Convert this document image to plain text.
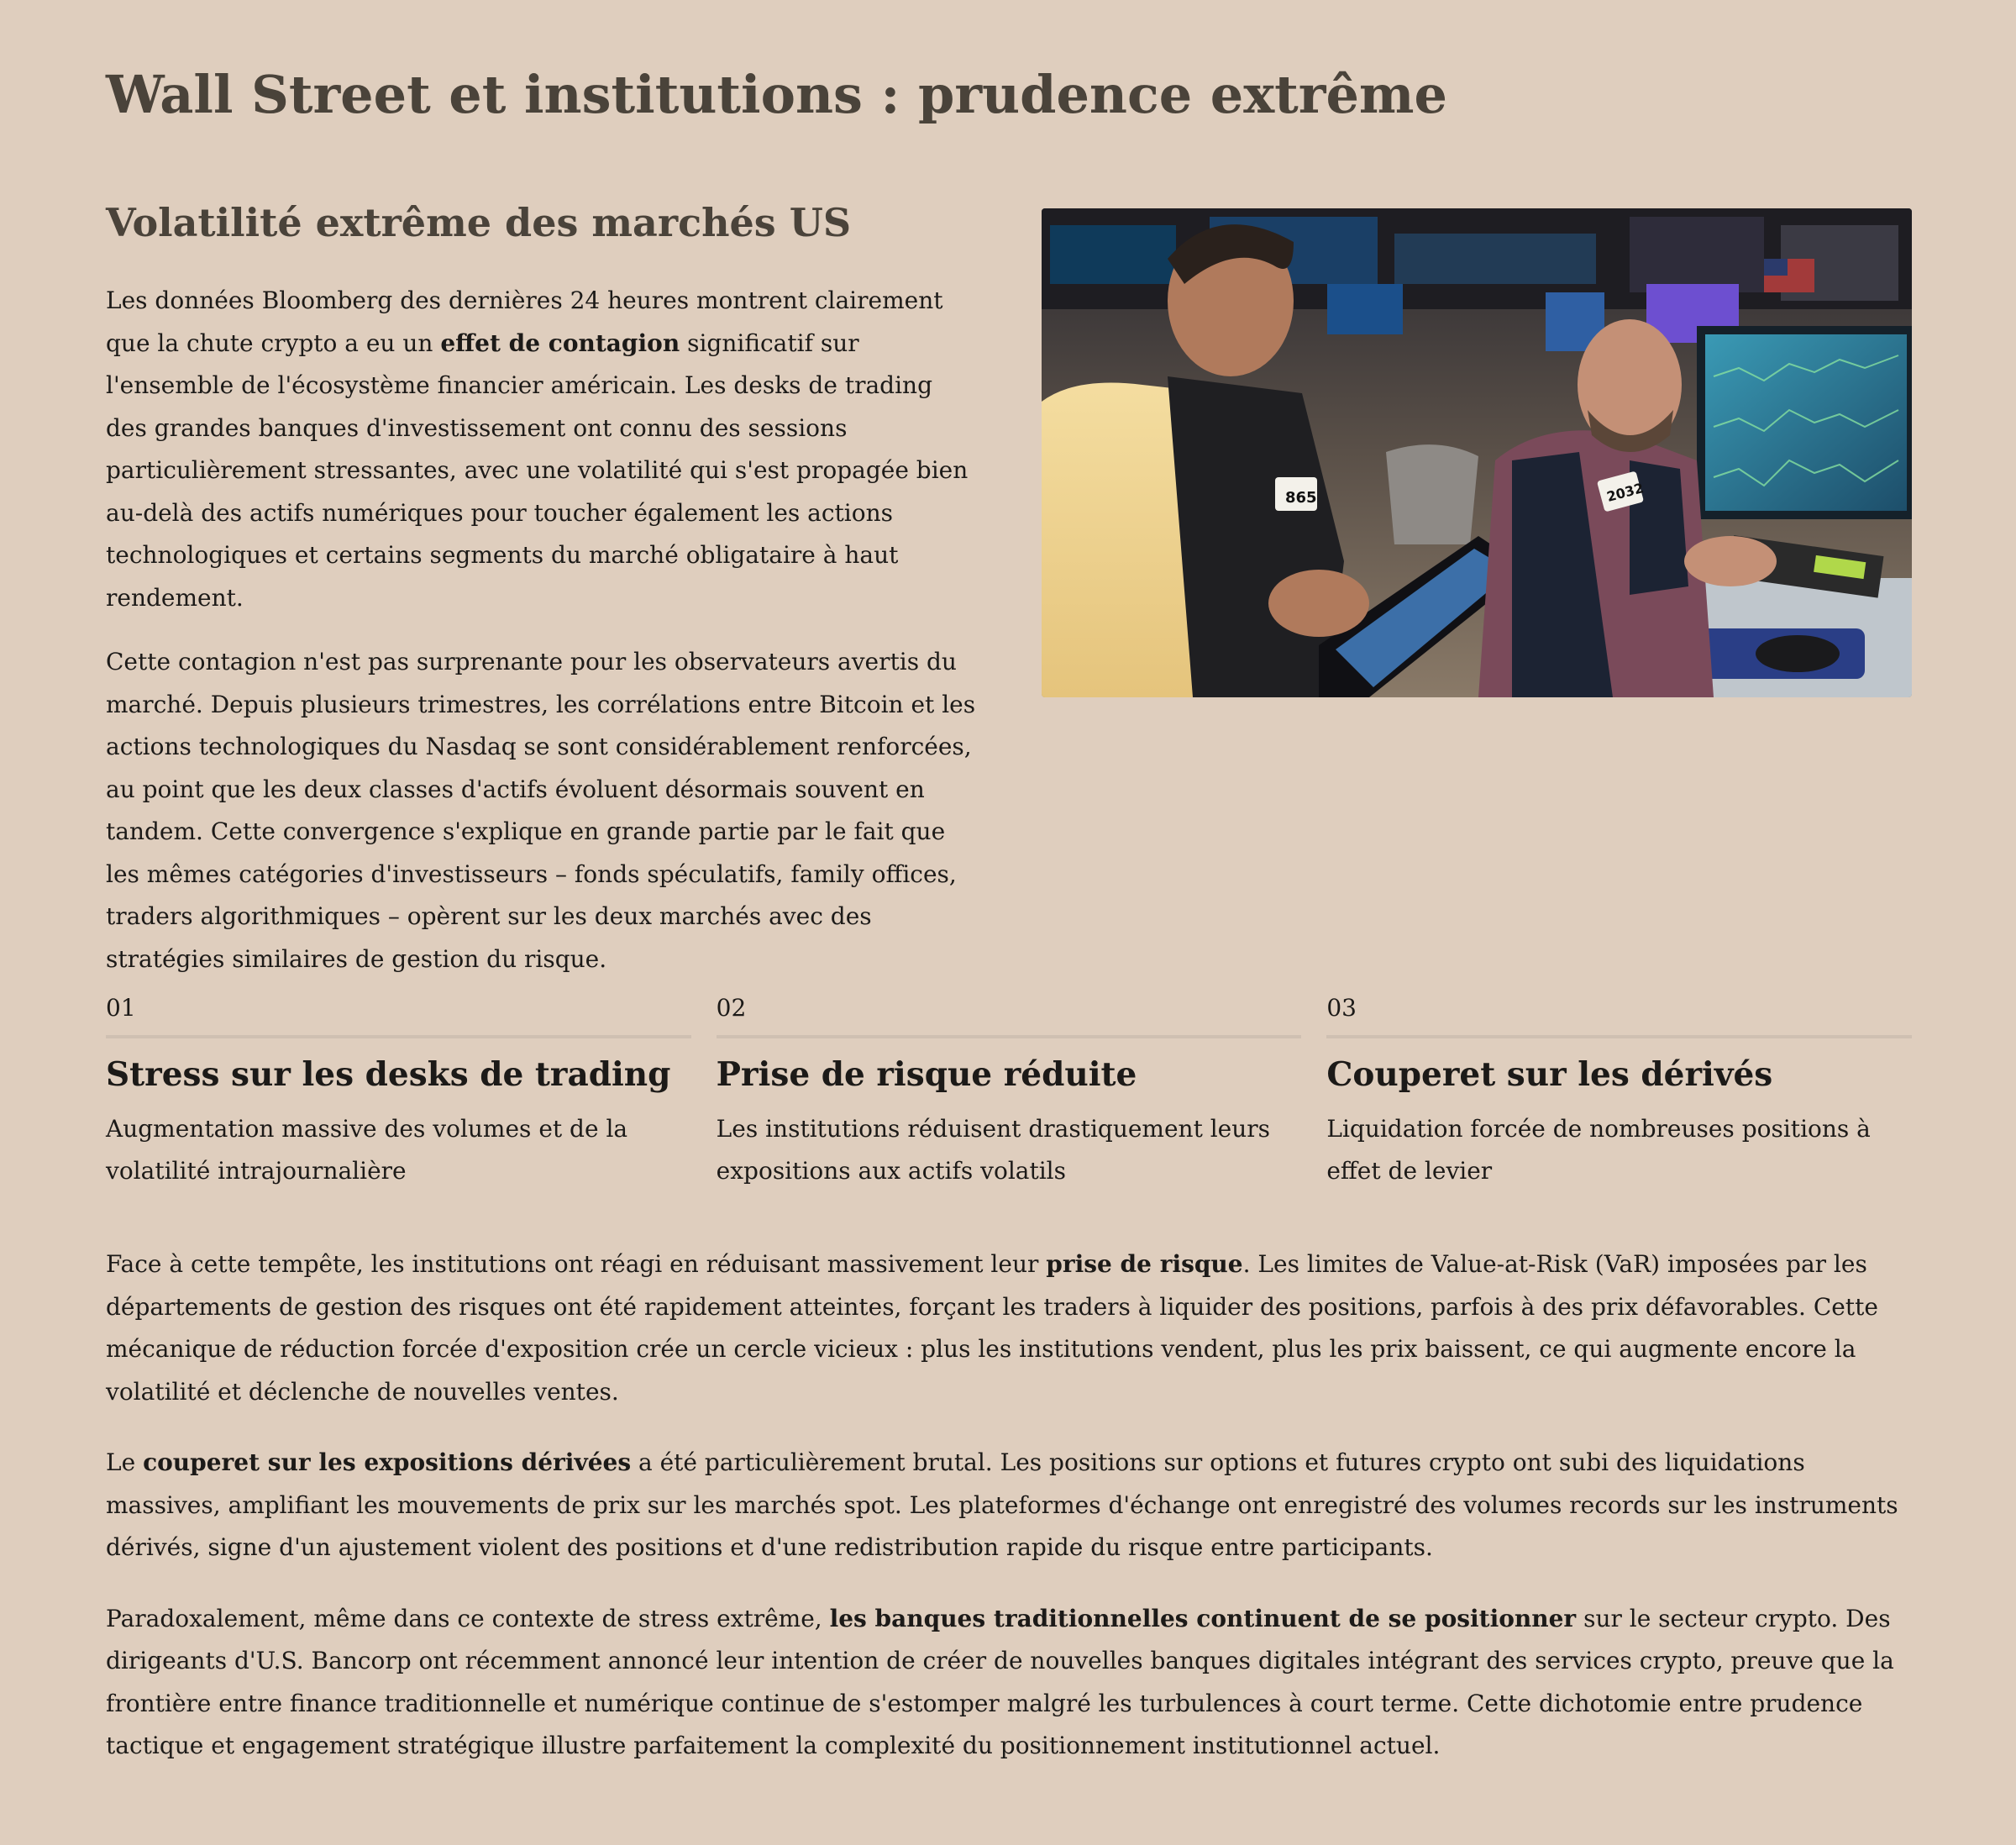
Wall Street et institutions : prudence extrême
Volatilité extrême des marchés US

Les données Bloomberg des dernières 24 heures montrent clairement que la chute crypto a eu un effet de contagion significatif sur l'ensemble de l'écosystème financier américain. Les desks de trading des grandes banques d'investissement ont connu des sessions particulièrement stressantes, avec une volatilité qui s'est propagée bien au-delà des actifs numériques pour toucher également les actions technologiques et certains segments du marché obligataire à haut rendement.

Cette contagion n'est pas surprenante pour les observateurs avertis du marché. Depuis plusieurs trimestres, les corrélations entre Bitcoin et les actions technologiques du Nasdaq se sont considérablement renforcées, au point que les deux classes d'actifs évoluent désormais souvent en tandem. Cette convergence s'explique en grande partie par le fait que les mêmes catégories d'investisseurs – fonds spéculatifs, family offices, traders algorithmiques – opèrent sur les deux marchés avec des stratégies similaires de gestion du risque.

865	2032
01
Stress sur les desks de trading

Augmentation massive des volumes et de la volatilité intrajournalière

02
Prise de risque réduite

Les institutions réduisent drastiquement leurs expositions aux actifs volatils

03
Couperet sur les dérivés

Liquidation forcée de nombreuses positions à effet de levier

Face à cette tempête, les institutions ont réagi en réduisant massivement leur prise de risque. Les limites de Value-at-Risk (VaR) imposées par les départements de gestion des risques ont été rapidement atteintes, forçant les traders à liquider des positions, parfois à des prix défavorables. Cette mécanique de réduction forcée d'exposition crée un cercle vicieux : plus les institutions vendent, plus les prix baissent, ce qui augmente encore la volatilité et déclenche de nouvelles ventes.

Le couperet sur les expositions dérivées a été particulièrement brutal. Les positions sur options et futures crypto ont subi des liquidations massives, amplifiant les mouvements de prix sur les marchés spot. Les plateformes d'échange ont enregistré des volumes records sur les instruments dérivés, signe d'un ajustement violent des positions et d'une redistribution rapide du risque entre participants.

Paradoxalement, même dans ce contexte de stress extrême, les banques traditionnelles continuent de se positionner sur le secteur crypto. Des dirigeants d'U.S. Bancorp ont récemment annoncé leur intention de créer de nouvelles banques digitales intégrant des services crypto, preuve que la frontière entre finance traditionnelle et numérique continue de s'estomper malgré les turbulences à court terme. Cette dichotomie entre prudence tactique et engagement stratégique illustre parfaitement la complexité du positionnement institutionnel actuel.
